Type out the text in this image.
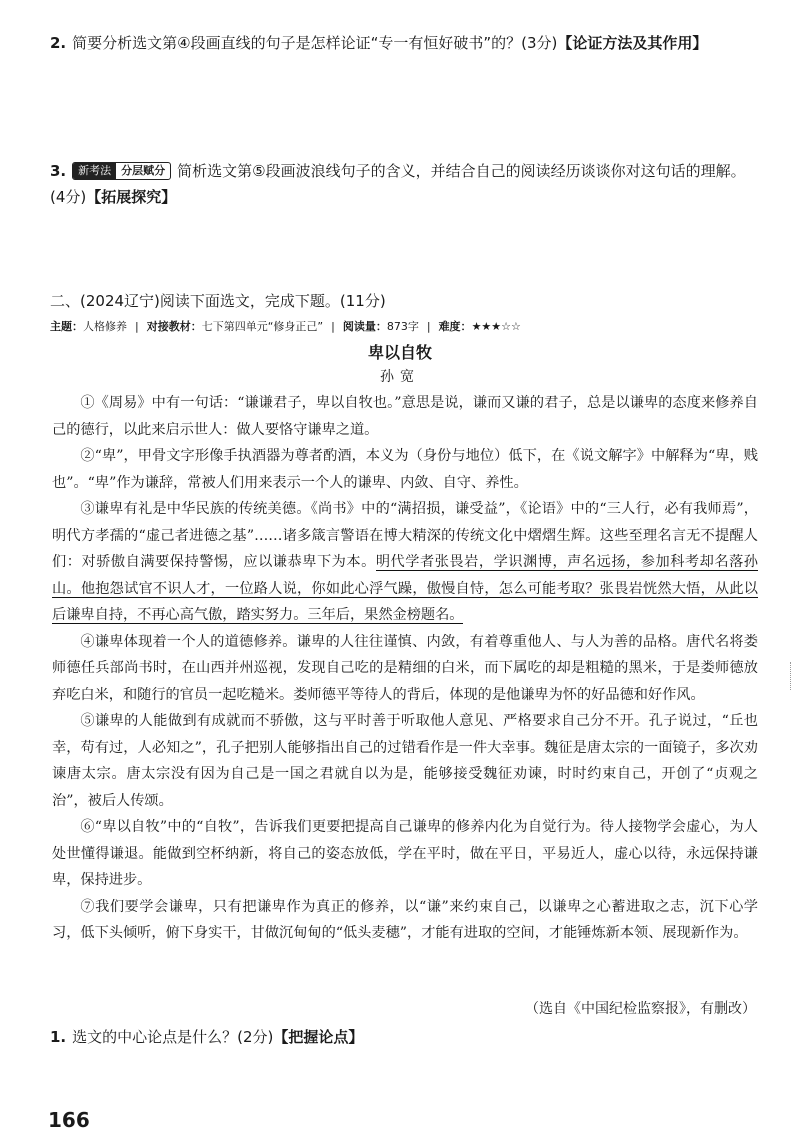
2. 简要分析选文第④段画直线的句子是怎样论证“专一有恒好破书”的？(3分)【论证方法及其作用】
3.	新考法 分层赋分 简析选文第⑤段画波浪线句子的含义，并结合自己的阅读经历谈谈你对这句话的理解。(4分)【拓展探究】
二、(2024辽宁)阅读下面选文，完成下题。(11分)
主题：人格修养 | 对接教材：七下第四单元“修身正己” | 阅读量：873字 | 难度：★★★☆☆
卑以自牧
孙宽

①《周易》中有一句话：“谦谦君子，卑以自牧也。”意思是说，谦而又谦的君子，总是以谦卑的态度来修养自己的德行，以此来启示世人：做人要恪守谦卑之道。

②“卑”，甲骨文字形像手执酒器为尊者酌酒，本义为（身份与地位）低下，在《说文解字》中解释为“卑，贱也”。“卑”作为谦辞，常被人们用来表示一个人的谦卑、内敛、自守、养性。

③谦卑有礼是中华民族的传统美德。《尚书》中的“满招损，谦受益”，《论语》中的“三人行，必有我师焉”，明代方孝孺的“虚己者进德之基”……诸多箴言警语在博大精深的传统文化中熠熠生辉。这些至理名言无不提醒人们：对骄傲自满要保持警惕，应以谦恭卑下为本。明代学者张畏岩，学识渊博，声名远扬，参加科考却名落孙山。他抱怨试官不识人才，一位路人说，你如此心浮气躁，傲慢自恃，怎么可能考取？张畏岩恍然大悟，从此以后谦卑自持，不再心高气傲，踏实努力。三年后，果然金榜题名。

④谦卑体现着一个人的道德修养。谦卑的人往往谨慎、内敛，有着尊重他人、与人为善的品格。唐代名将娄师德任兵部尚书时，在山西并州巡视，发现自己吃的是精细的白米，而下属吃的却是粗糙的黑米，于是娄师德放弃吃白米，和随行的官员一起吃糙米。娄师德平等待人的背后，体现的是他谦卑为怀的好品德和好作风。

⑤谦卑的人能做到有成就而不骄傲，这与平时善于听取他人意见、严格要求自己分不开。孔子说过，“丘也幸，苟有过，人必知之”，孔子把别人能够指出自己的过错看作是一件大幸事。魏征是唐太宗的一面镜子，多次劝谏唐太宗。唐太宗没有因为自己是一国之君就自以为是，能够接受魏征劝谏，时时约束自己，开创了“贞观之治”，被后人传颂。

⑥“卑以自牧”中的“自牧”，告诉我们更要把提高自己谦卑的修养内化为自觉行为。待人接物学会虚心，为人处世懂得谦退。能做到空杯纳新，将自己的姿态放低，学在平时，做在平日，平易近人，虚心以待，永远保持谦卑，保持进步。

⑦我们要学会谦卑，只有把谦卑作为真正的修养，以“谦”来约束自己，以谦卑之心蓄进取之志，沉下心学习，低下头倾听，俯下身实干，甘做沉甸甸的“低头麦穗”，才能有进取的空间，才能锤炼新本领、展现新作为。

（选自《中国纪检监察报》，有删改）
1. 选文的中心论点是什么？(2分)【把握论点】
166
